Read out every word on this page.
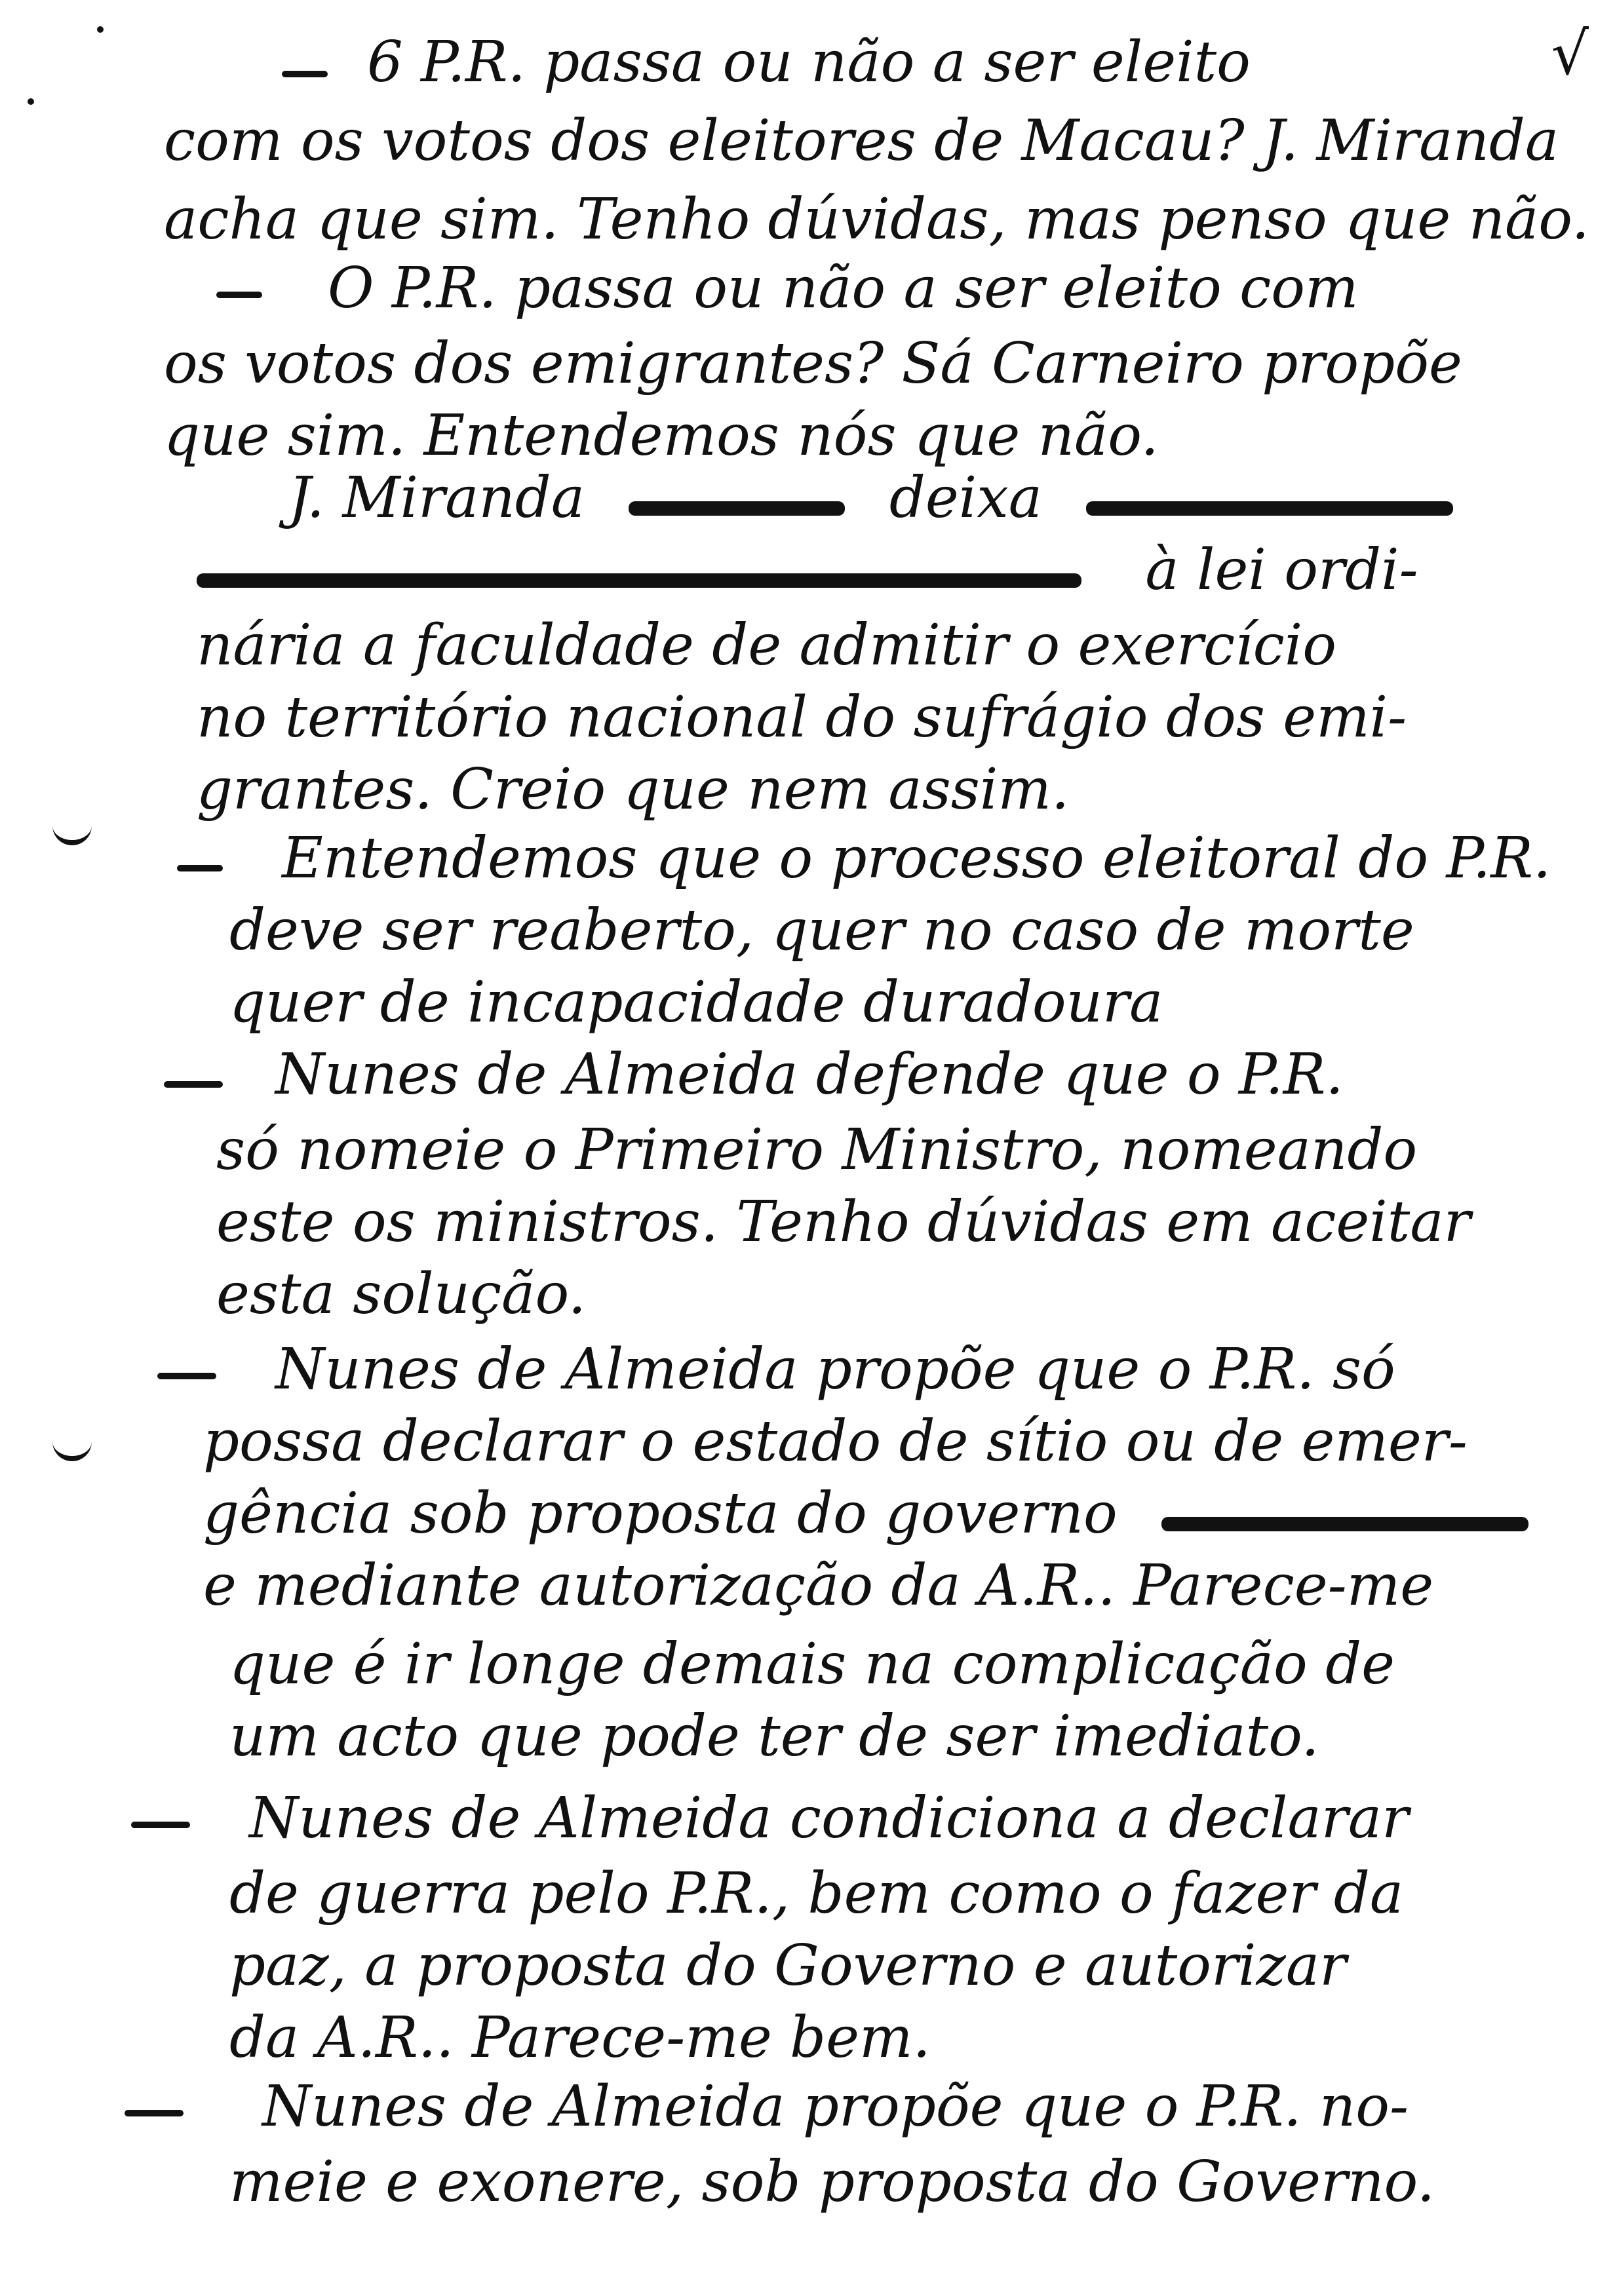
√
6 P.R. passa ou não a ser eleito
com os votos dos eleitores de Macau? J. Miranda
acha que sim. Tenho dúvidas, mas penso que não.
O P.R. passa ou não a ser eleito com
os votos dos emigrantes? Sá Carneiro propõe
que sim. Entendemos nós que não.
J. Miranda	deixa
à lei ordi-
nária a faculdade de admitir o exercício
no território nacional do sufrágio dos emi-
grantes. Creio que nem assim.
Entendemos que o processo eleitoral do P.R.
deve ser reaberto, quer no caso de morte
quer de incapacidade duradoura
Nunes de Almeida defende que o P.R.
só nomeie o Primeiro Ministro, nomeando
este os ministros. Tenho dúvidas em aceitar
esta solução.
Nunes de Almeida propõe que o P.R. só
possa declarar o estado de sítio ou de emer-
gência sob proposta do governo
e mediante autorização da A.R.. Parece-me
que é ir longe demais na complicação de
um acto que pode ter de ser imediato.
Nunes de Almeida condiciona a declarar
de guerra pelo P.R., bem como o fazer da
paz, a proposta do Governo e autorizar
da A.R.. Parece-me bem.
Nunes de Almeida propõe que o P.R. no-
meie e exonere, sob proposta do Governo.
